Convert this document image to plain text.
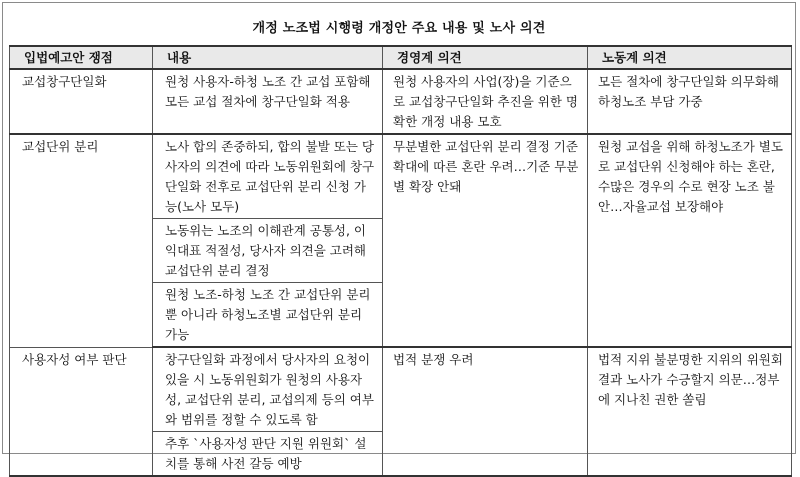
개정 노조법 시행령 개정안 주요 내용 및 노사 의견
입법예고안 쟁점	내용	경영계 의견	노동계 의견
교섭창구단일화	원청 사용자-하청 노조 간 교섭 포함해 모든 교섭 절차에 창구단일화 적용	원청 사용자의 사업(장)을 기준으로 교섭창구단일화 추진을 위한 명확한 개정 내용 모호	모든 절차에 창구단일화 의무화해 하청노조 부담 가중
교섭단위 분리	노사 합의 존중하되, 합의 불발 또는 당사자의 의견에 따라 노동위원회에 창구단일화 전후로 교섭단위 분리 신청 가능(노사 모두)	무분별한 교섭단위 분리 결정 기준 확대에 따른 혼란 우려…기준 무분별 확장 안돼	원청 교섭을 위해 하청노조가 별도로 교섭단위 신청해야 하는 혼란, 수많은 경우의 수로 현장 노조 불안…자율교섭 보장해야
	노동위는 노조의 이해관계 공통성, 이익대표 적절성, 당사자 의견을 고려해 교섭단위 분리 결정		
	원청 노조-하청 노조 간 교섭단위 분리뿐 아니라 하청노조별 교섭단위 분리 가능		
사용자성 여부 판단	창구단일화 과정에서 당사자의 요청이 있을 시 노동위원회가 원청의 사용자성, 교섭단위 분리, 교섭의제 등의 여부와 범위를 정할 수 있도록 함	법적 분쟁 우려	법적 지위 불분명한 지위의 위원회 결과 노사가 수긍할지 의문…정부에 지나친 권한 쏠림
	추후 `사용자성 판단 지원 위원회` 설치를 통해 사전 갈등 예방		
